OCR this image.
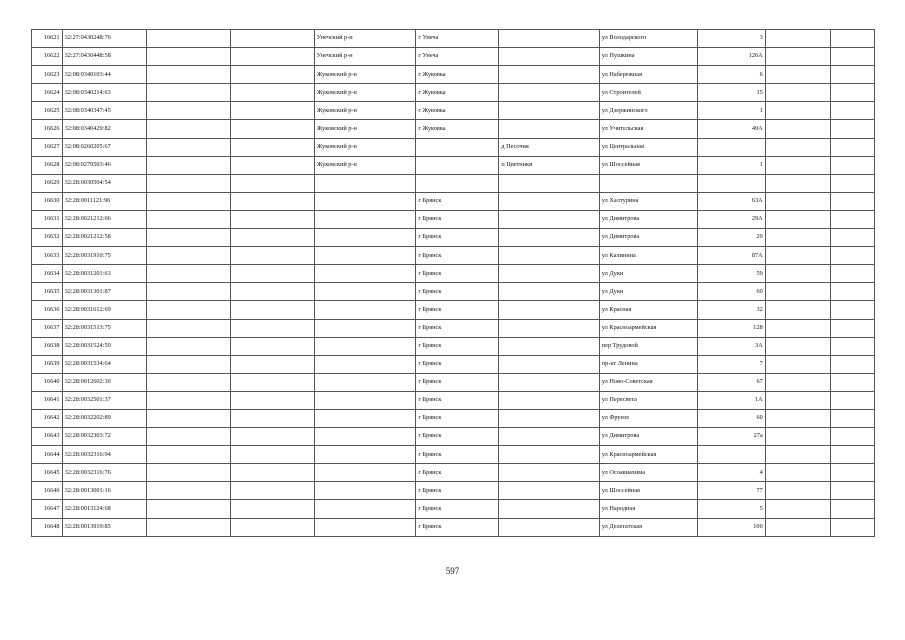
16621	32:27:0430248:76			Унечский р-н	г Унеча		ул Володарского	3		
16622	32:27:0430448:58			Унечский р-н	г Унеча		ул Пушкина	126А		
16623	32:08:0340103:44			Жуковский р-н	г Жуковка		ул Набережная	6		
16624	32:08:0340214:63			Жуковский р-н	г Жуковка		ул Строителей	15		
16625	32:08:0340347:45			Жуковский р-н	г Жуковка		ул Дзержинского	1		
16626	32:08:0340429:82			Жуковский р-н	г Жуковка		ул Учительская	49А		
16627	32:08:0260205:67			Жуковский р-н		д Песочня	ул Центральная			
16628	32:08:0270503:46			Жуковский р-н		п Цветники	ул Шоссейная	1		
16629	32:28:0030504:54									
16630	32:28:0011121:96				г Брянск		ул Халтурина	63А		
16631	32:28:0021212:66				г Брянск		ул Димитрова	29А		
16632	32:28:0021212:58				г Брянск		ул Димитрова	29		
16633	32:28:0031910:75				г Брянск		ул Калинина	87А		
16634	32:28:0031201:63				г Брянск		ул Дуки	59		
16635	32:28:0031301:87				г Брянск		ул Дуки	60		
16636	32:28:0031612:69				г Брянск		ул Красная	32		
16637	32:28:0031513:75				г Брянск		ул Красноармейская	128		
16638	32:28:0031524:50				г Брянск		пер Трудовой	3А		
16639	32:28:0031534:64				г Брянск		пр-кт Ленина	7		
16640	32:28:0012602:30				г Брянск		ул Ново-Советская	67		
16641	32:28:0032501:37				г Брянск		ул Пересвета	1А		
16642	32:28:0032202:89				г Брянск		ул Фрунзе	60		
16643	32:28:0032303:72				г Брянск		ул Димитрова	27а		
16644	32:28:0032316:94				г Брянск		ул Красноармейская			
16645	32:28:0032316:76				г Брянск		ул Осоавиахима	4		
16646	32:28:0013001:16				г Брянск		ул Шоссейная	77		
16647	32:28:0013124:68				г Брянск		ул Народная	5		
16648	32:28:0013919:85				г Брянск		ул Делегатская	100		
597
